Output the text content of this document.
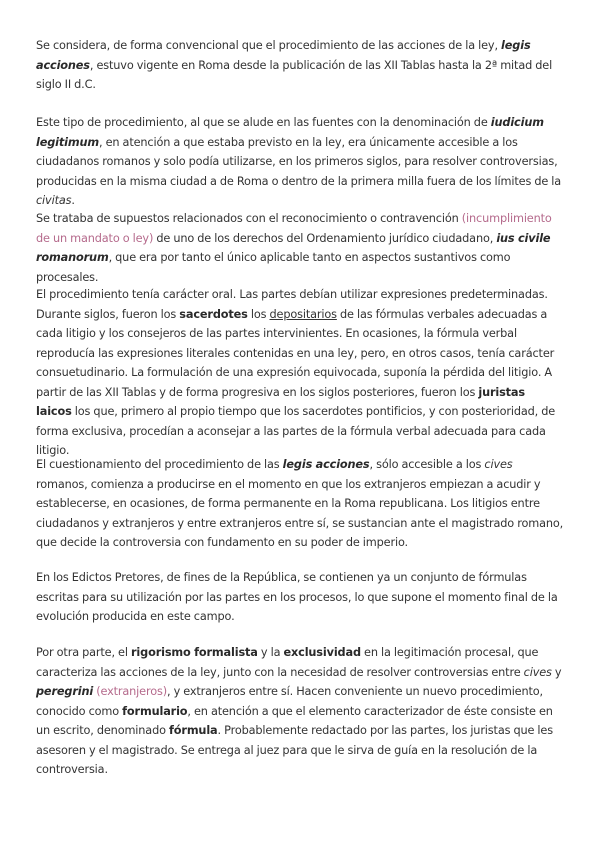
Se considera, de forma convencional que el procedimiento de las acciones de la ley, legis acciones, estuvo vigente en Roma desde la publicación de las XII Tablas hasta la 2ª mitad del siglo II d.C.

Este tipo de procedimiento, al que se alude en las fuentes con la denominación de iudicium legitimum, en atención a que estaba previsto en la ley, era únicamente accesible a los ciudadanos romanos y solo podía utilizarse, en los primeros siglos, para resolver controversias, producidas en la misma ciudad a de Roma o dentro de la primera milla fuera de los límites de la civitas.

Se trataba de supuestos relacionados con el reconocimiento o contravención (incumplimiento de un mandato o ley) de uno de los derechos del Ordenamiento jurídico ciudadano, ius civile romanorum, que era por tanto el único aplicable tanto en aspectos sustantivos como procesales.

El procedimiento tenía carácter oral. Las partes debían utilizar expresiones predeterminadas. Durante siglos, fueron los sacerdotes los depositarios de las fórmulas verbales adecuadas a cada litigio y los consejeros de las partes intervinientes. En ocasiones, la fórmula verbal reproducía las expresiones literales contenidas en una ley, pero, en otros casos, tenía carácter consuetudinario. La formulación de una expresión equivocada, suponía la pérdida del litigio. A partir de las XII Tablas y de forma progresiva en los siglos posteriores, fueron los juristas laicos los que, primero al propio tiempo que los sacerdotes pontificios, y con posterioridad, de forma exclusiva, procedían a aconsejar a las partes de la fórmula verbal adecuada para cada litigio.

El cuestionamiento del procedimiento de las legis acciones, sólo accesible a los cives romanos, comienza a producirse en el momento en que los extranjeros empiezan a acudir y establecerse, en ocasiones, de forma permanente en la Roma republicana. Los litigios entre ciudadanos y extranjeros y entre extranjeros entre sí, se sustancian ante el magistrado romano, que decide la controversia con fundamento en su poder de imperio.

En los Edictos Pretores, de fines de la República, se contienen ya un conjunto de fórmulas escritas para su utilización por las partes en los procesos, lo que supone el momento final de la evolución producida en este campo.

Por otra parte, el rigorismo formalista y la exclusividad en la legitimación procesal, que caracteriza las acciones de la ley, junto con la necesidad de resolver controversias entre cives y peregrini (extranjeros), y extranjeros entre sí. Hacen conveniente un nuevo procedimiento, conocido como formulario, en atención a que el elemento caracterizador de éste consiste en un escrito, denominado fórmula. Probablemente redactado por las partes, los juristas que les asesoren y el magistrado. Se entrega al juez para que le sirva de guía en la resolución de la controversia.
